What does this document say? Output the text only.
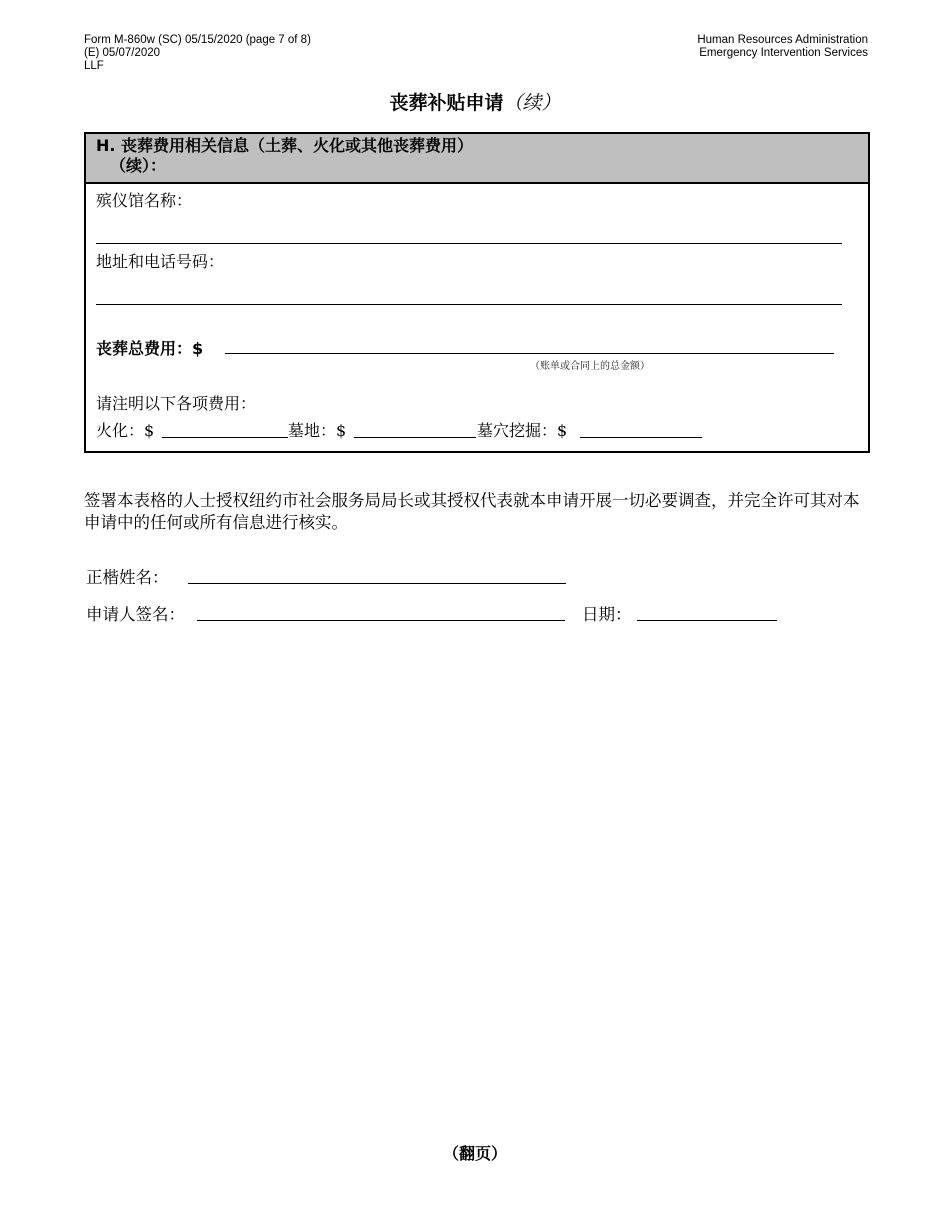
Form M-860w (SC) 05/15/2020 (page 7 of 8)
(E) 05/07/2020
LLF
Human Resources Administration
Emergency Intervention Services
丧葬补贴申请（续）
H. 丧葬费用相关信息（土葬、火化或其他丧葬费用）
（续）：
殡仪馆名称：
地址和电话号码：
丧葬总费用：$
（账单或合同上的总金额）
请注明以下各项费用：
火化：$	墓地：$	墓穴挖掘：$
签署本表格的人士授权纽约市社会服务局局长或其授权代表就本申请开展一切必要调查，并完全许可其对本申请中的任何或所有信息进行核实。
正楷姓名：
申请人签名：	日期：
（翻页）
